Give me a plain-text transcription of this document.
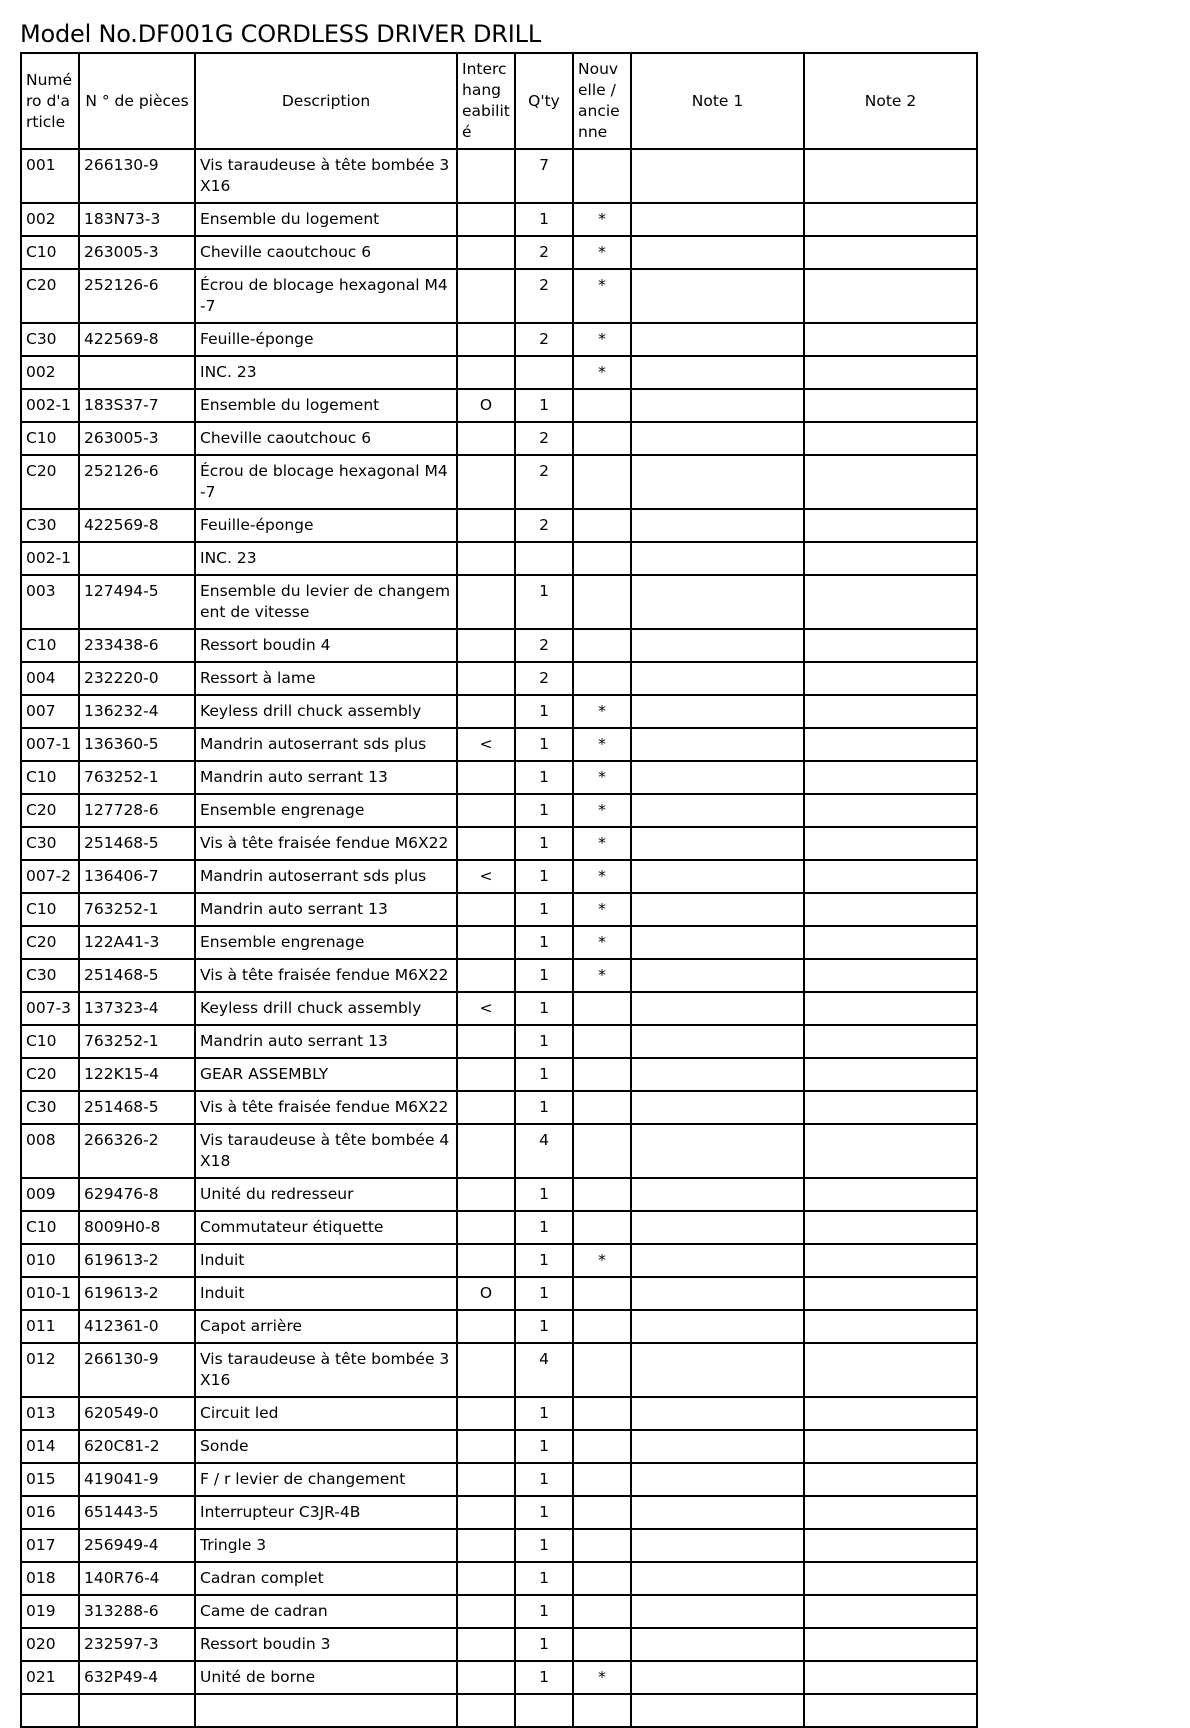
Model No.DF001G CORDLESS DRIVER DRILL
Numé ro d'a rticle	N ° de pièces	Description	Interc hang eabilit é	Q'ty	Nouv elle / ancie nne	Note 1	Note 2
001	266130-9	Vis taraudeuse à tête bombée 3X16		7			
002	183N73-3	Ensemble du logement		1	*		
C10	263005-3	Cheville caoutchouc 6		2	*		
C20	252126-6	Écrou de blocage hexagonal M4-7		2	*		
C30	422569-8	Feuille-éponge		2	*		
002		INC. 23			*		
002-1	183S37-7	Ensemble du logement	O	1			
C10	263005-3	Cheville caoutchouc 6		2			
C20	252126-6	Écrou de blocage hexagonal M4-7		2			
C30	422569-8	Feuille-éponge		2			
002-1		INC. 23					
003	127494-5	Ensemble du levier de changement de vitesse		1			
C10	233438-6	Ressort boudin 4		2			
004	232220-0	Ressort à lame		2			
007	136232-4	Keyless drill chuck assembly		1	*		
007-1	136360-5	Mandrin autoserrant sds plus	<	1	*		
C10	763252-1	Mandrin auto serrant 13		1	*		
C20	127728-6	Ensemble engrenage		1	*		
C30	251468-5	Vis à tête fraisée fendue M6X22		1	*		
007-2	136406-7	Mandrin autoserrant sds plus	<	1	*		
C10	763252-1	Mandrin auto serrant 13		1	*		
C20	122A41-3	Ensemble engrenage		1	*		
C30	251468-5	Vis à tête fraisée fendue M6X22		1	*		
007-3	137323-4	Keyless drill chuck assembly	<	1			
C10	763252-1	Mandrin auto serrant 13		1			
C20	122K15-4	GEAR ASSEMBLY		1			
C30	251468-5	Vis à tête fraisée fendue M6X22		1			
008	266326-2	Vis taraudeuse à tête bombée 4X18		4			
009	629476-8	Unité du redresseur		1			
C10	8009H0-8	Commutateur étiquette		1			
010	619613-2	Induit		1	*		
010-1	619613-2	Induit	O	1			
011	412361-0	Capot arrière		1			
012	266130-9	Vis taraudeuse à tête bombée 3X16		4			
013	620549-0	Circuit led		1			
014	620C81-2	Sonde		1			
015	419041-9	F / r levier de changement		1			
016	651443-5	Interrupteur C3JR-4B		1			
017	256949-4	Tringle 3		1			
018	140R76-4	Cadran complet		1			
019	313288-6	Came de cadran		1			
020	232597-3	Ressort boudin 3		1			
021	632P49-4	Unité de borne		1	*		
